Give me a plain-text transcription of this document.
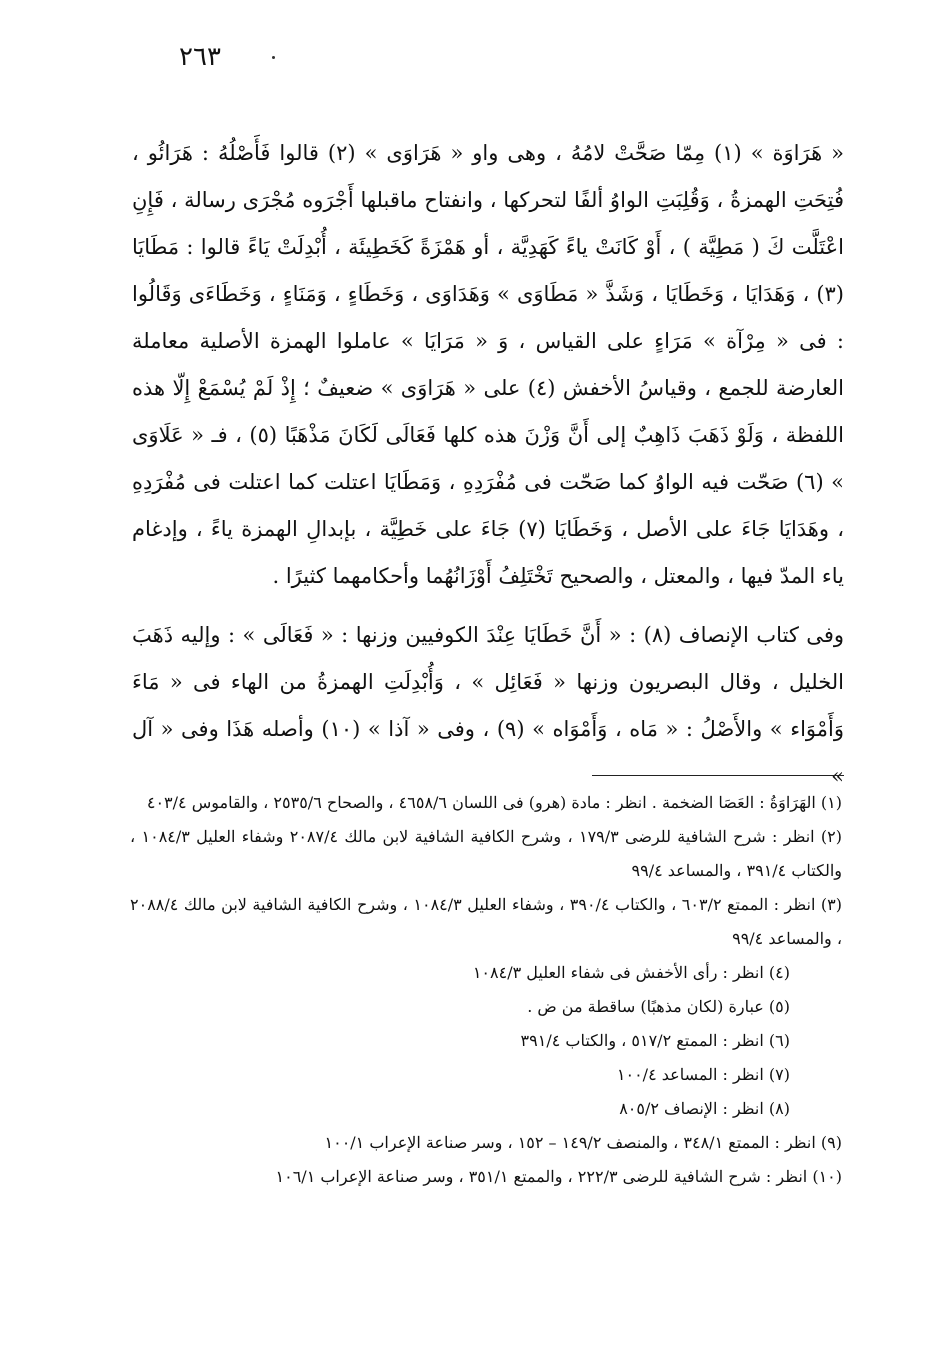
٢٦٣

« هَرَاوَة » (١) مِمّا صَحَّتْ لامُهُ ، وهى واو « هَرَاوَى » (٢) قالوا فَأَصْلُهُ : هَرَائُو ، فُتِحَتِ الهمزةُ ، وَقُلِبَتِ الواوُ ألفًا لتحركها ، وانفتاح ماقبلها أَجْرَوه مُجْرَى رسالة ، فَإِنِ اعْتَلَّت كَ ( مَطِيَّة ) ، أَوْ كَانَتْ ياءً كَهَدِيَّة ، أو هَمْزَةً كَخَطِيئَة ، أُبْدِلَتْ يَاءً قالوا : مَطَايَا (٣) ، وَهَدَايَا ، وَخَطَايَا ، وَشَذَّ « مَطَاوَى » وَهَدَاوَى ، وَخَطَاءٍ ، وَمَنَاءٍ ، وَخَطَاءَى وَقَالُوا : فى « مِرْآة » مَرَاءٍ على القياس ، وَ « مَرَايَا » عاملوا الهمزة الأصلية معاملة العارضة للجمع ، وقياسُ الأخفش (٤) على « هَرَاوَى » ضعيفٌ ؛ إِذْ لَمْ يُسْمَعْ إِلّا هذه اللفظة ، وَلَوْ ذَهَبَ ذَاهِبٌ إلى أَنَّ وَزْنَ هذه كلها فَعَالَى لَكَانَ مَذْهَبًا (٥) ، فـ « عَلَاوَى » (٦) صَحّت فيه الواوُ كما صَحّت فى مُفْرَدِهِ ، وَمَطَايَا اعتلت كما اعتلت فى مُفْرَدِهِ ، وهَدَايَا جَاءَ على الأصل ، وَخَطَايَا (٧) جَاءَ على خَطِيَّة ، بإبدالِ الهمزة ياءً ، وإدغام ياء المدّ فيها ، والمعتل ، والصحيح تَخْتَلِفُ أَوْزَانُهُما وأحكامهما كثيرًا .

وفى كتاب الإنصاف (٨) : « أَنَّ خَطَايَا عِنْدَ الكوفيين وزنها : « فَعَالَى » : وإليه ذَهَبَ الخليل ، وقال البصريون وزنها « فَعَائِل » ، وَأُبْدِلَتِ الهمزةُ من الهاء فى « مَاءَ وَأَمْوَاء » والأَصْلُ : « مَاه ، وَأَمْوَاه » (٩) ، وفى « آذا » (١٠) وأصله هَذَا وفى « آل »

(١) الهَرَاوَةُ : العَصَا الضخمة . انظر : مادة (هرو) فى اللسان ٤٦٥٨/٦ ، والصحاح ٢٥٣٥/٦ ، والقاموس ٤٠٣/٤

(٢) انظر : شرح الشافية للرضى ١٧٩/٣ ، وشرح الكافية الشافية لابن مالك ٢٠٨٧/٤ وشفاء العليل ١٠٨٤/٣ ، والكتاب ٣٩١/٤ ، والمساعد ٩٩/٤

(٣) انظر : الممتع ٦٠٣/٢ ، والكتاب ٣٩٠/٤ ، وشفاء العليل ١٠٨٤/٣ ، وشرح الكافية الشافية لابن مالك ٢٠٨٨/٤ ، والمساعد ٩٩/٤

(٤) انظر : رأى الأخفش فى شفاء العليل ١٠٨٤/٣

(٥) عبارة (لكان مذهبًا) ساقطة من ض .

(٦) انظر : الممتع ٥١٧/٢ ، والكتاب ٣٩١/٤

(٧) انظر : المساعد ١٠٠/٤

(٨) انظر : الإنصاف ٨٠٥/٢

(٩) انظر : الممتع ٣٤٨/١ ، والمنصف ١٤٩/٢ – ١٥٢ ، وسر صناعة الإعراب ١٠٠/١

(١٠) انظر : شرح الشافية للرضى ٢٢٢/٣ ، والممتع ٣٥١/١ ، وسر صناعة الإعراب ١٠٦/١
